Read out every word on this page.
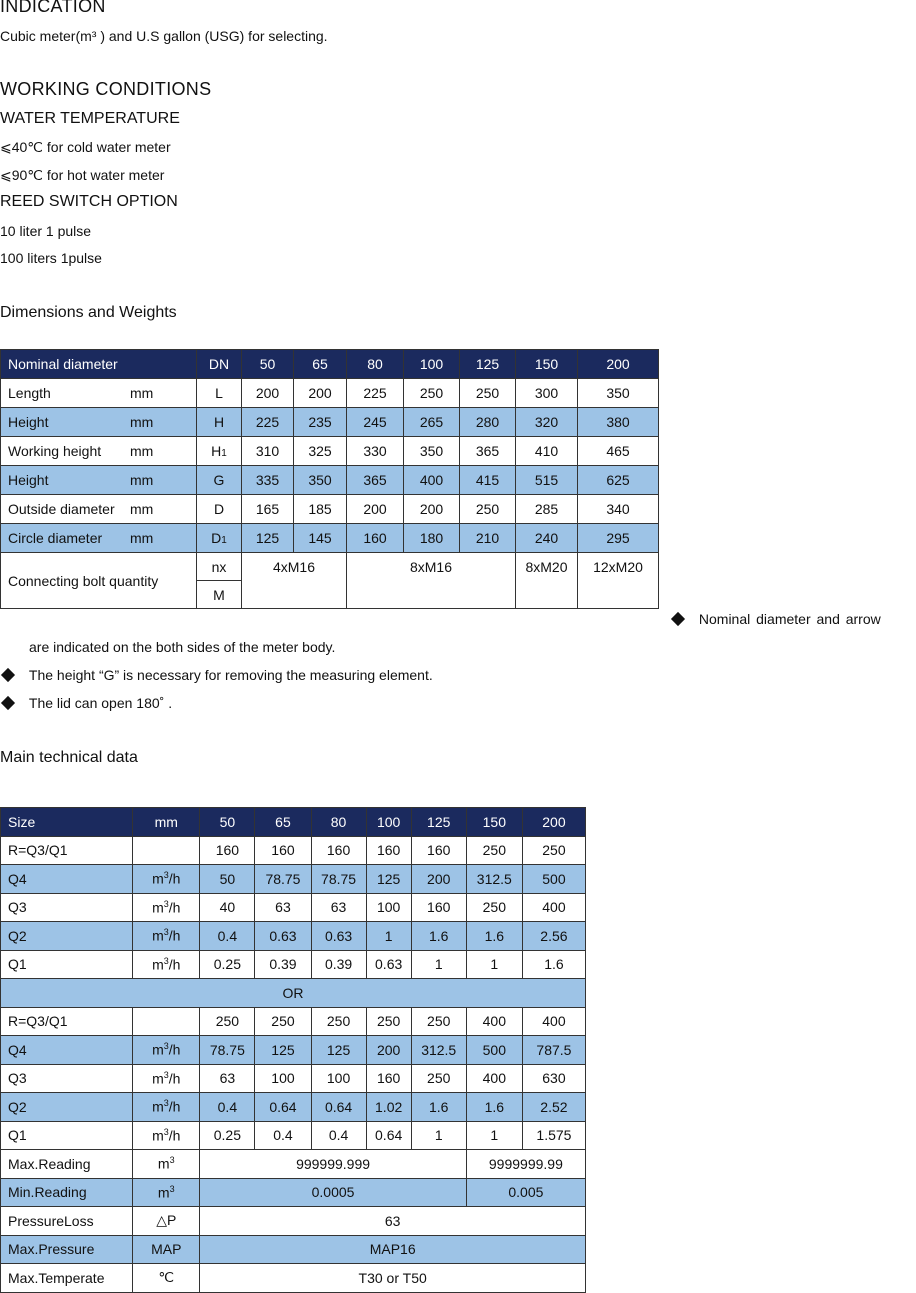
INDICATION
Cubic meter(m³ ) and U.S gallon (USG) for selecting.
WORKING CONDITIONS
WATER TEMPERATURE
⩽40℃ for cold water meter
⩽90℃ for hot water meter
REED SWITCH OPTION
10 liter 1 pulse
100 liters 1pulse
Dimensions and Weights
Nominal diameter	DN	50	65	80	100	125	150	200
Length mm	L	200	200	225	250	250	300	350
Height mm	H	225	235	245	265	280	320	380
Working height mm	H1	310	325	330	350	365	410	465
Height mm	G	335	350	365	400	415	515	625
Outside diameter mm	D	165	185	200	200	250	285	340
Circle diameter mm	D1	125	145	160	180	210	240	295
Connecting bolt quantity	nx	4xM16		8xM16			8xM20	12xM20
	M							
Nominal diameter and arrow
are indicated on the both sides of the meter body.
The height “G” is necessary for removing the measuring element.
The lid can open 180˚ .
Main technical data
Size	mm	50	65	80	100	125	150	200
R=Q3/Q1		160	160	160	160	160	250	250
Q4	$m^3/h$	50	78.75	78.75	125	200	312.5	500
Q3	$m^3/h$	40	63	63	100	160	250	400
Q2	$m^3/h$	0.4	0.63	0.63	1	1.6	1.6	2.56
Q1	$m^3/h$	0.25	0.39	0.39	0.63	1	1	1.6
OR								
R=Q3/Q1		250	250	250	250	250	400	400
Q4	$m^3/h$	78.75	125	125	200	312.5	500	787.5
Q3	$m^3/h$	63	100	100	160	250	400	630
Q2	$m^3/h$	0.4	0.64	0.64	1.02	1.6	1.6	2.52
Q1	$m^3/h$	0.25	0.4	0.4	0.64	1	1	1.575
Max.Reading	$m^3$	999999.999					9999999.99	
Min.Reading	$m^3$	0.0005					0.005	
PressureLoss	△P	63						
Max.Pressure	MAP	MAP16						
Max.Temperate	℃	T30 or T50						
